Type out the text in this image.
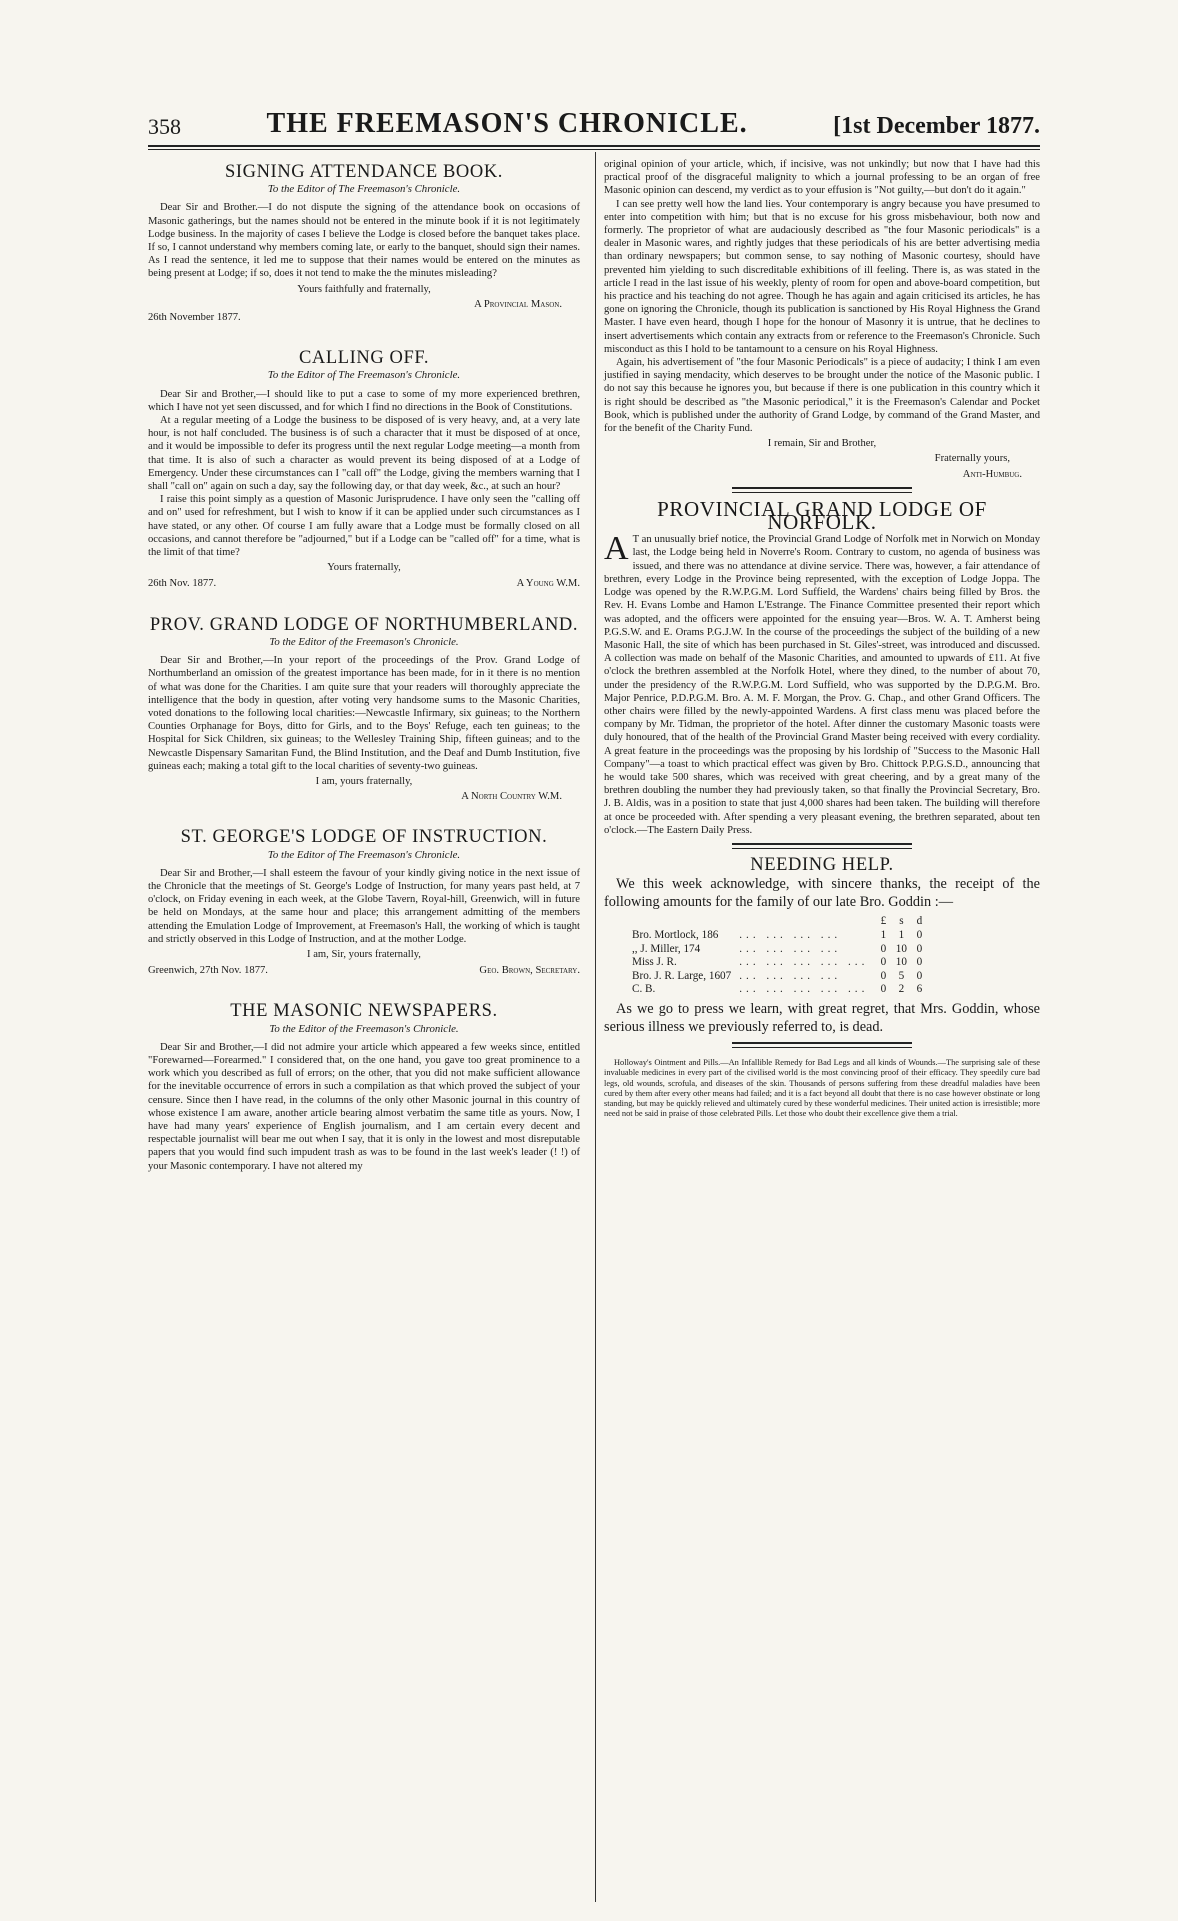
358	THE FREEMASON'S CHRONICLE.	[1st December 1877.
SIGNING ATTENDANCE BOOK.
To the Editor of The Freemason's Chronicle.

Dear Sir and Brother.—I do not dispute the signing of the attendance book on occasions of Masonic gatherings, but the names should not be entered in the minute book if it is not legitimately Lodge business. In the majority of cases I believe the Lodge is closed before the banquet takes place. If so, I cannot understand why members coming late, or early to the banquet, should sign their names. As I read the sentence, it led me to suppose that their names would be entered on the minutes as being present at Lodge; if so, does it not tend to make the the minutes misleading?

Yours faithfully and fraternally,
A Provincial Mason.

26th November 1877.

CALLING OFF.
To the Editor of The Freemason's Chronicle.

Dear Sir and Brother,—I should like to put a case to some of my more experienced brethren, which I have not yet seen discussed, and for which I find no directions in the Book of Constitutions.

At a regular meeting of a Lodge the business to be disposed of is very heavy, and, at a very late hour, is not half concluded. The business is of such a character that it must be disposed of at once, and it would be impossible to defer its progress until the next regular Lodge meeting—a month from that time. It is also of such a character as would prevent its being disposed of at a Lodge of Emergency. Under these circumstances can I "call off" the Lodge, giving the members warning that I shall "call on" again on such a day, say the following day, or that day week, &c., at such an hour?

I raise this point simply as a question of Masonic Jurisprudence. I have only seen the "calling off and on" used for refreshment, but I wish to know if it can be applied under such circumstances as I have stated, or any other. Of course I am fully aware that a Lodge must be formally closed on all occasions, and cannot therefore be "adjourned," but if a Lodge can be "called off" for a time, what is the limit of that time?

Yours fraternally,
26th Nov. 1877.	A Young W.M.
PROV. GRAND LODGE OF NORTHUMBERLAND.
To the Editor of the Freemason's Chronicle.

Dear Sir and Brother,—In your report of the proceedings of the Prov. Grand Lodge of Northumberland an omission of the greatest importance has been made, for in it there is no mention of what was done for the Charities. I am quite sure that your readers will thoroughly appreciate the intelligence that the body in question, after voting very handsome sums to the Masonic Charities, voted donations to the following local charities:—Newcastle Infirmary, six guineas; to the Northern Counties Orphanage for Boys, ditto for Girls, and to the Boys' Refuge, each ten guineas; to the Hospital for Sick Children, six guineas; to the Wellesley Training Ship, fifteen guineas; and to the Newcastle Dispensary Samaritan Fund, the Blind Institution, and the Deaf and Dumb Institution, five guineas each; making a total gift to the local charities of seventy-two guineas.

I am, yours fraternally,
A North Country W.M.
ST. GEORGE'S LODGE OF INSTRUCTION.
To the Editor of The Freemason's Chronicle.

Dear Sir and Brother,—I shall esteem the favour of your kindly giving notice in the next issue of the Chronicle that the meetings of St. George's Lodge of Instruction, for many years past held, at 7 o'clock, on Friday evening in each week, at the Globe Tavern, Royal-hill, Greenwich, will in future be held on Mondays, at the same hour and place; this arrangement admitting of the members attending the Emulation Lodge of Improvement, at Freemason's Hall, the working of which is taught and strictly observed in this Lodge of Instruction, and at the mother Lodge.

I am, Sir, yours fraternally,
Greenwich, 27th Nov. 1877.	Geo. Brown, Secretary.
THE MASONIC NEWSPAPERS.
To the Editor of the Freemason's Chronicle.

Dear Sir and Brother,—I did not admire your article which appeared a few weeks since, entitled "Forewarned—Forearmed." I considered that, on the one hand, you gave too great prominence to a work which you described as full of errors; on the other, that you did not make sufficient allowance for the inevitable occurrence of errors in such a compilation as that which proved the subject of your censure. Since then I have read, in the columns of the only other Masonic journal in this country of whose existence I am aware, another article bearing almost verbatim the same title as yours. Now, I have had many years' experience of English journalism, and I am certain every decent and respectable journalist will bear me out when I say, that it is only in the lowest and most disreputable papers that you would find such impudent trash as was to be found in the last week's leader (! !) of your Masonic contemporary. I have not altered my

original opinion of your article, which, if incisive, was not unkindly; but now that I have had this practical proof of the disgraceful malignity to which a journal professing to be an organ of free Masonic opinion can descend, my verdict as to your effusion is "Not guilty,—but don't do it again."

I can see pretty well how the land lies. Your contemporary is angry because you have presumed to enter into competition with him; but that is no excuse for his gross misbehaviour, both now and formerly. The proprietor of what are audaciously described as "the four Masonic periodicals" is a dealer in Masonic wares, and rightly judges that these periodicals of his are better advertising media than ordinary newspapers; but common sense, to say nothing of Masonic courtesy, should have prevented him yielding to such discreditable exhibitions of ill feeling. There is, as was stated in the article I read in the last issue of his weekly, plenty of room for open and above-board competition, but his practice and his teaching do not agree. Though he has again and again criticised its articles, he has gone on ignoring the Chronicle, though its publication is sanctioned by His Royal Highness the Grand Master. I have even heard, though I hope for the honour of Masonry it is untrue, that he declines to insert advertisements which contain any extracts from or reference to the Freemason's Chronicle. Such misconduct as this I hold to be tantamount to a censure on his Royal Highness.

Again, his advertisement of "the four Masonic Periodicals" is a piece of audacity; I think I am even justified in saying mendacity, which deserves to be brought under the notice of the Masonic public. I do not say this because he ignores you, but because if there is one publication in this country which it is right should be described as "the Masonic periodical," it is the Freemason's Calendar and Pocket Book, which is published under the authority of Grand Lodge, by command of the Grand Master, and for the benefit of the Charity Fund.

I remain, Sir and Brother,
Fraternally yours,
Anti-Humbug.
PROVINCIAL GRAND LODGE OF NORFOLK.

A T an unusually brief notice, the Provincial Grand Lodge of Norfolk met in Norwich on Monday last, the Lodge being held in Noverre's Room. Contrary to custom, no agenda of business was issued, and there was no attendance at divine service. There was, however, a fair attendance of brethren, every Lodge in the Province being represented, with the exception of Lodge Joppa. The Lodge was opened by the R.W.P.G.M. Lord Suffield, the Wardens' chairs being filled by Bros. the Rev. H. Evans Lombe and Hamon L'Estrange. The Finance Committee presented their report which was adopted, and the officers were appointed for the ensuing year—Bros. W. A. T. Amherst being P.G.S.W. and E. Orams P.G.J.W. In the course of the proceedings the subject of the building of a new Masonic Hall, the site of which has been purchased in St. Giles'-street, was introduced and discussed. A collection was made on behalf of the Masonic Charities, and amounted to upwards of £11. At five o'clock the brethren assembled at the Norfolk Hotel, where they dined, to the number of about 70, under the presidency of the R.W.P.G.M. Lord Suffield, who was supported by the D.P.G.M. Bro. Major Penrice, P.D.P.G.M. Bro. A. M. F. Morgan, the Prov. G. Chap., and other Grand Officers. The other chairs were filled by the newly-appointed Wardens. A first class menu was placed before the company by Mr. Tidman, the proprietor of the hotel. After dinner the customary Masonic toasts were duly honoured, that of the health of the Provincial Grand Master being received with every cordiality. A great feature in the proceedings was the proposing by his lordship of "Success to the Masonic Hall Company"—a toast to which practical effect was given by Bro. Chittock P.P.G.S.D., announcing that he would take 500 shares, which was received with great cheering, and by a great many of the brethren doubling the number they had previously taken, so that finally the Provincial Secretary, Bro. J. B. Aldis, was in a position to state that just 4,000 shares had been taken. The building will therefore at once be proceeded with. After spending a very pleasant evening, the brethren separated, about ten o'clock.—The Eastern Daily Press.

NEEDING HELP.

We this week acknowledge, with sincere thanks, the receipt of the following amounts for the family of our late Bro. Goddin :—

		£	s	d
Bro. Mortlock, 186	... ... ... ...	1	1	0
,, J. Miller, 174	... ... ... ...	0	10	0
Miss J. R.	... ... ... ... ...	0	10	0
Bro. J. R. Large, 1607	... ... ... ...	0	5	0
C. B.	... ... ... ... ...	0	2	6

As we go to press we learn, with great regret, that Mrs. Goddin, whose serious illness we previously referred to, is dead.

Holloway's Ointment and Pills.—An Infallible Remedy for Bad Legs and all kinds of Wounds.—The surprising sale of these invaluable medicines in every part of the civilised world is the most convincing proof of their efficacy. They speedily cure bad legs, old wounds, scrofula, and diseases of the skin. Thousands of persons suffering from these dreadful maladies have been cured by them after every other means had failed; and it is a fact beyond all doubt that there is no case however obstinate or long standing, but may be quickly relieved and ultimately cured by these wonderful medicines. Their united action is irresistible; more need not be said in praise of those celebrated Pills. Let those who doubt their excellence give them a trial.
